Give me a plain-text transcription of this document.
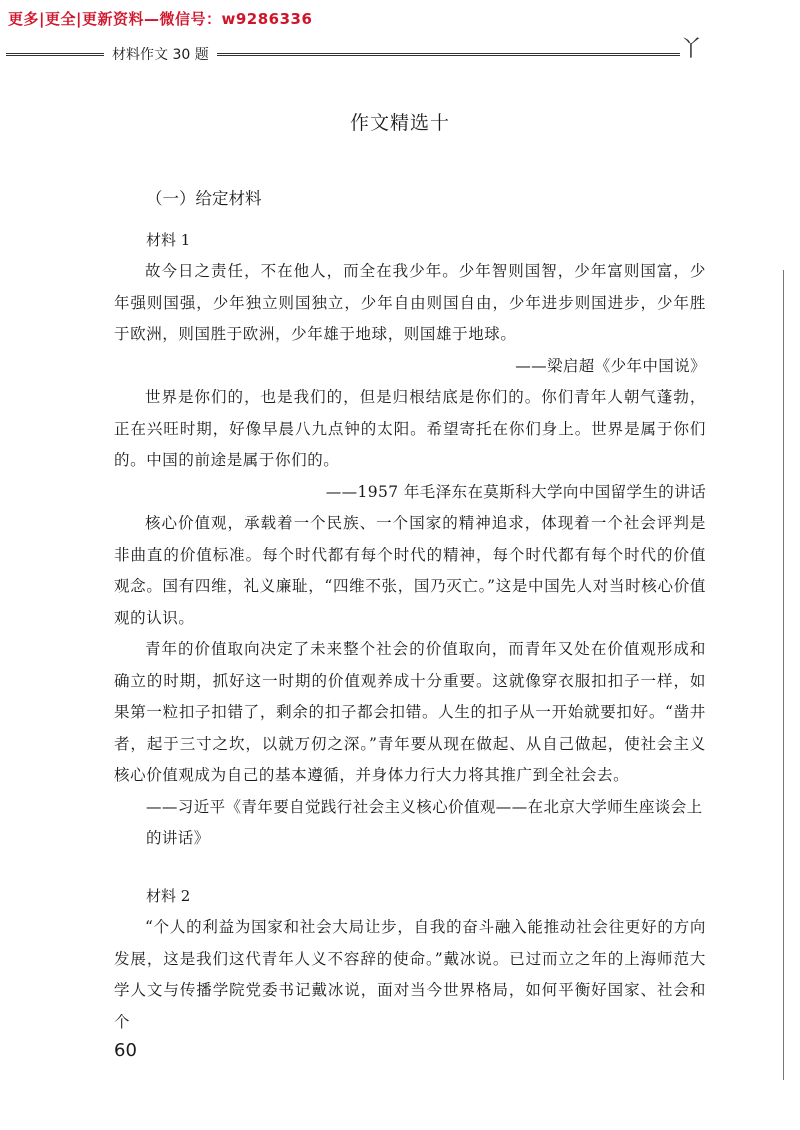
更多|更全|更新资料—微信号：w9286336
材料作文 30 题	丫
作文精选十

（一）给定材料

材料 1

故今日之责任，不在他人，而全在我少年。少年智则国智，少年富则国富，少年强则国强，少年独立则国独立，少年自由则国自由，少年进步则国进步，少年胜于欧洲，则国胜于欧洲，少年雄于地球，则国雄于地球。

——梁启超《少年中国说》

世界是你们的，也是我们的，但是归根结底是你们的。你们青年人朝气蓬勃，正在兴旺时期，好像早晨八九点钟的太阳。希望寄托在你们身上。世界是属于你们的。中国的前途是属于你们的。

——1957 年毛泽东在莫斯科大学向中国留学生的讲话

核心价值观，承载着一个民族、一个国家的精神追求，体现着一个社会评判是非曲直的价值标准。每个时代都有每个时代的精神，每个时代都有每个时代的价值观念。国有四维，礼义廉耻，“四维不张，国乃灭亡。”这是中国先人对当时核心价值观的认识。

青年的价值取向决定了未来整个社会的价值取向，而青年又处在价值观形成和确立的时期，抓好这一时期的价值观养成十分重要。这就像穿衣服扣扣子一样，如果第一粒扣子扣错了，剩余的扣子都会扣错。人生的扣子从一开始就要扣好。“凿井者，起于三寸之坎，以就万仞之深。”青年要从现在做起、从自己做起，使社会主义核心价值观成为自己的基本遵循，并身体力行大力将其推广到全社会去。

——习近平《青年要自觉践行社会主义核心价值观——在北京大学师生座谈会上的讲话》

材料 2

“个人的利益为国家和社会大局让步，自我的奋斗融入能推动社会往更好的方向发展，这是我们这代青年人义不容辞的使命。”戴冰说。已过而立之年的上海师范大学人文与传播学院党委书记戴冰说，面对当今世界格局，如何平衡好国家、社会和个

60
